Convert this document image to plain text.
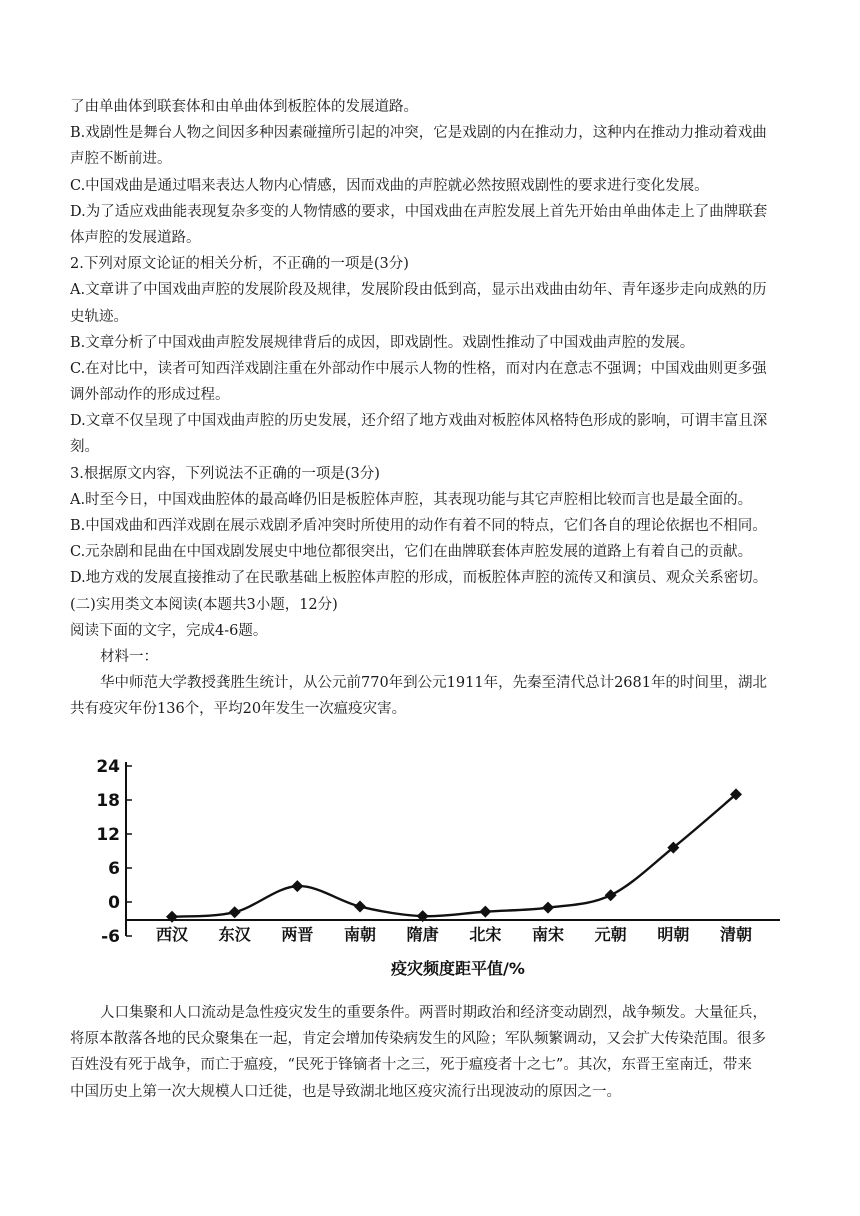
了由单曲体到联套体和由单曲体到板腔体的发展道路。
B.戏剧性是舞台人物之间因多种因素碰撞所引起的冲突，它是戏剧的内在推动力，这种内在推动力推动着戏曲
声腔不断前进。
C.中国戏曲是通过唱来表达人物内心情感，因而戏曲的声腔就必然按照戏剧性的要求进行变化发展。
D.为了适应戏曲能表现复杂多变的人物情感的要求，中国戏曲在声腔发展上首先开始由单曲体走上了曲牌联套
体声腔的发展道路。
2.下列对原文论证的相关分析，不正确的一项是(3分)
A.文章讲了中国戏曲声腔的发展阶段及规律，发展阶段由低到高，显示出戏曲由幼年、青年逐步走向成熟的历
史轨迹。
B.文章分析了中国戏曲声腔发展规律背后的成因，即戏剧性。戏剧性推动了中国戏曲声腔的发展。
C.在对比中，读者可知西洋戏剧注重在外部动作中展示人物的性格，而对内在意志不强调；中国戏曲则更多强
调外部动作的形成过程。
D.文章不仅呈现了中国戏曲声腔的历史发展，还介绍了地方戏曲对板腔体风格特色形成的影响，可谓丰富且深
刻。
3.根据原文内容，下列说法不正确的一项是(3分)
A.时至今日，中国戏曲腔体的最高峰仍旧是板腔体声腔，其表现功能与其它声腔相比较而言也是最全面的。
B.中国戏曲和西洋戏剧在展示戏剧矛盾冲突时所使用的动作有着不同的特点，它们各自的理论依据也不相同。
C.元杂剧和昆曲在中国戏剧发展史中地位都很突出，它们在曲牌联套体声腔发展的道路上有着自己的贡献。
D.地方戏的发展直接推动了在民歌基础上板腔体声腔的形成，而板腔体声腔的流传又和演员、观众关系密切。
(二)实用类文本阅读(本题共3小题，12分)
阅读下面的文字，完成4-6题。
材料一：
华中师范大学教授龚胜生统计，从公元前770年到公元1911年，先秦至清代总计2681年的时间里，湖北
共有疫灾年份136个，平均20年发生一次瘟疫灾害。
24
18
12
6
0
-6 西汉 东汉 两晋 南朝 隋唐 北宋 南宋 元朝 明朝 清朝
疫灾频度距平值/%
人口集聚和人口流动是急性疫灾发生的重要条件。两晋时期政治和经济变动剧烈，战争频发。大量征兵，
将原本散落各地的民众聚集在一起，肯定会增加传染病发生的风险；军队频繁调动，又会扩大传染范围。很多
百姓没有死于战争，而亡于瘟疫，“民死于锋镝者十之三，死于瘟疫者十之七”。其次，东晋王室南迁，带来
中国历史上第一次大规模人口迁徙，也是导致湖北地区疫灾流行出现波动的原因之一。
